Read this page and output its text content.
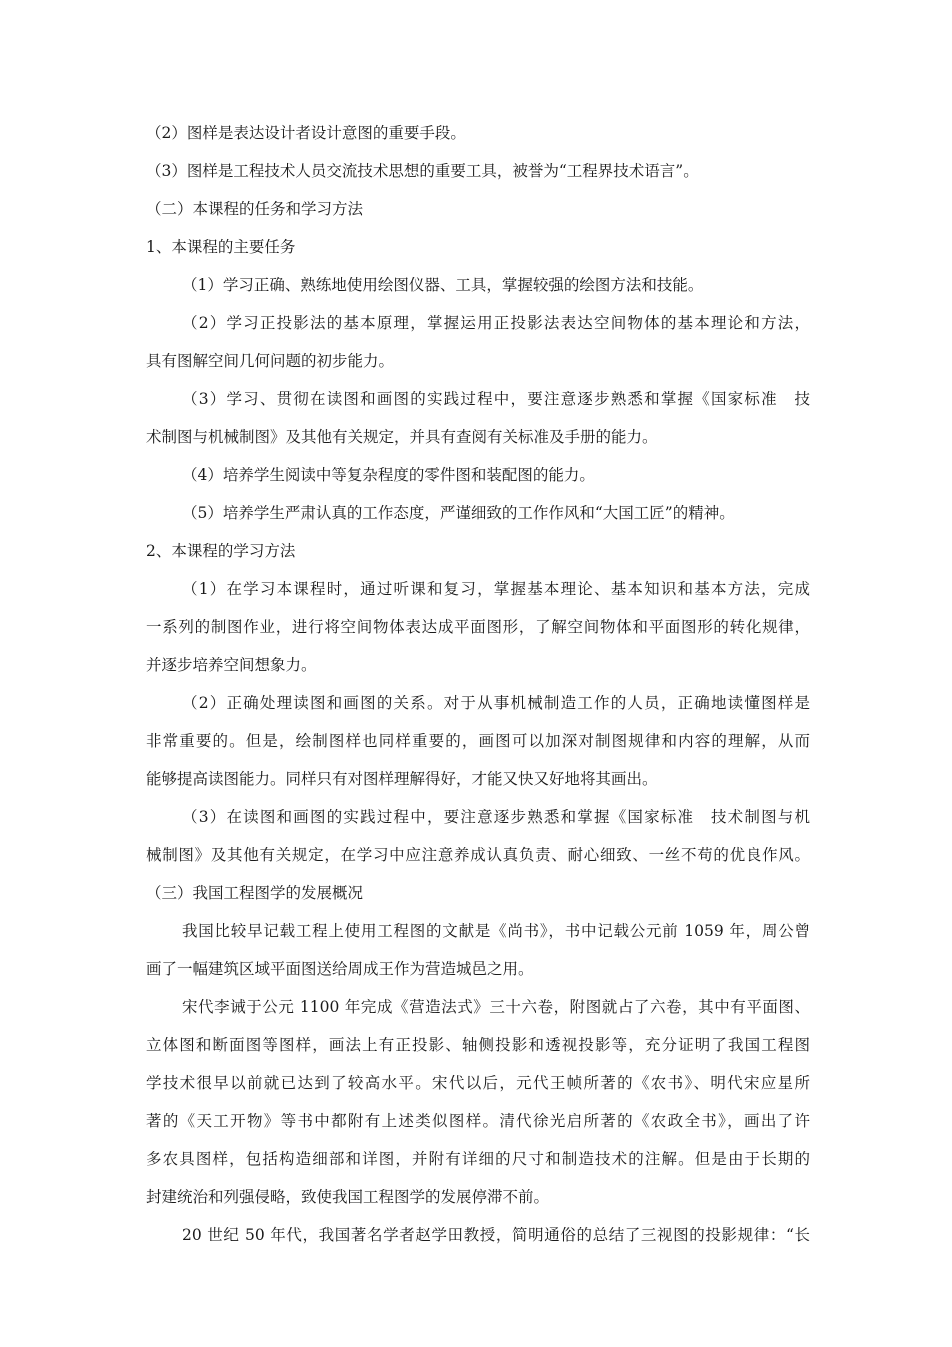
（2）图样是表达设计者设计意图的重要手段。
（3）图样是工程技术人员交流技术思想的重要工具，被誉为“工程界技术语言”。
（二）本课程的任务和学习方法
1、本课程的主要任务
（1）学习正确、熟练地使用绘图仪器、工具，掌握较强的绘图方法和技能。
（2）学习正投影法的基本原理，掌握运用正投影法表达空间物体的基本理论和方法，
具有图解空间几何问题的初步能力。
（3）学习、贯彻在读图和画图的实践过程中，要注意逐步熟悉和掌握《国家标准　技
术制图与机械制图》及其他有关规定，并具有查阅有关标准及手册的能力。
（4）培养学生阅读中等复杂程度的零件图和装配图的能力。
（5）培养学生严肃认真的工作态度，严谨细致的工作作风和“大国工匠”的精神。
2、本课程的学习方法
（1）在学习本课程时，通过听课和复习，掌握基本理论、基本知识和基本方法，完成
一系列的制图作业，进行将空间物体表达成平面图形，了解空间物体和平面图形的转化规律，
并逐步培养空间想象力。
（2）正确处理读图和画图的关系。对于从事机械制造工作的人员，正确地读懂图样是
非常重要的。但是，绘制图样也同样重要的，画图可以加深对制图规律和内容的理解，从而
能够提高读图能力。同样只有对图样理解得好，才能又快又好地将其画出。
（3）在读图和画图的实践过程中，要注意逐步熟悉和掌握《国家标准　技术制图与机
械制图》及其他有关规定，在学习中应注意养成认真负责、耐心细致、一丝不苟的优良作风。
（三）我国工程图学的发展概况
我国比较早记载工程上使用工程图的文献是《尚书》，书中记载公元前 1059 年，周公曾
画了一幅建筑区域平面图送给周成王作为营造城邑之用。
宋代李诫于公元 1100 年完成《营造法式》三十六卷，附图就占了六卷，其中有平面图、
立体图和断面图等图样，画法上有正投影、轴侧投影和透视投影等，充分证明了我国工程图
学技术很早以前就已达到了较高水平。宋代以后，元代王帧所著的《农书》、明代宋应星所
著的《天工开物》等书中都附有上述类似图样。清代徐光启所著的《农政全书》，画出了许
多农具图样，包括构造细部和详图，并附有详细的尺寸和制造技术的注解。但是由于长期的
封建统治和列强侵略，致使我国工程图学的发展停滞不前。
20 世纪 50 年代，我国著名学者赵学田教授，简明通俗的总结了三视图的投影规律：“长
